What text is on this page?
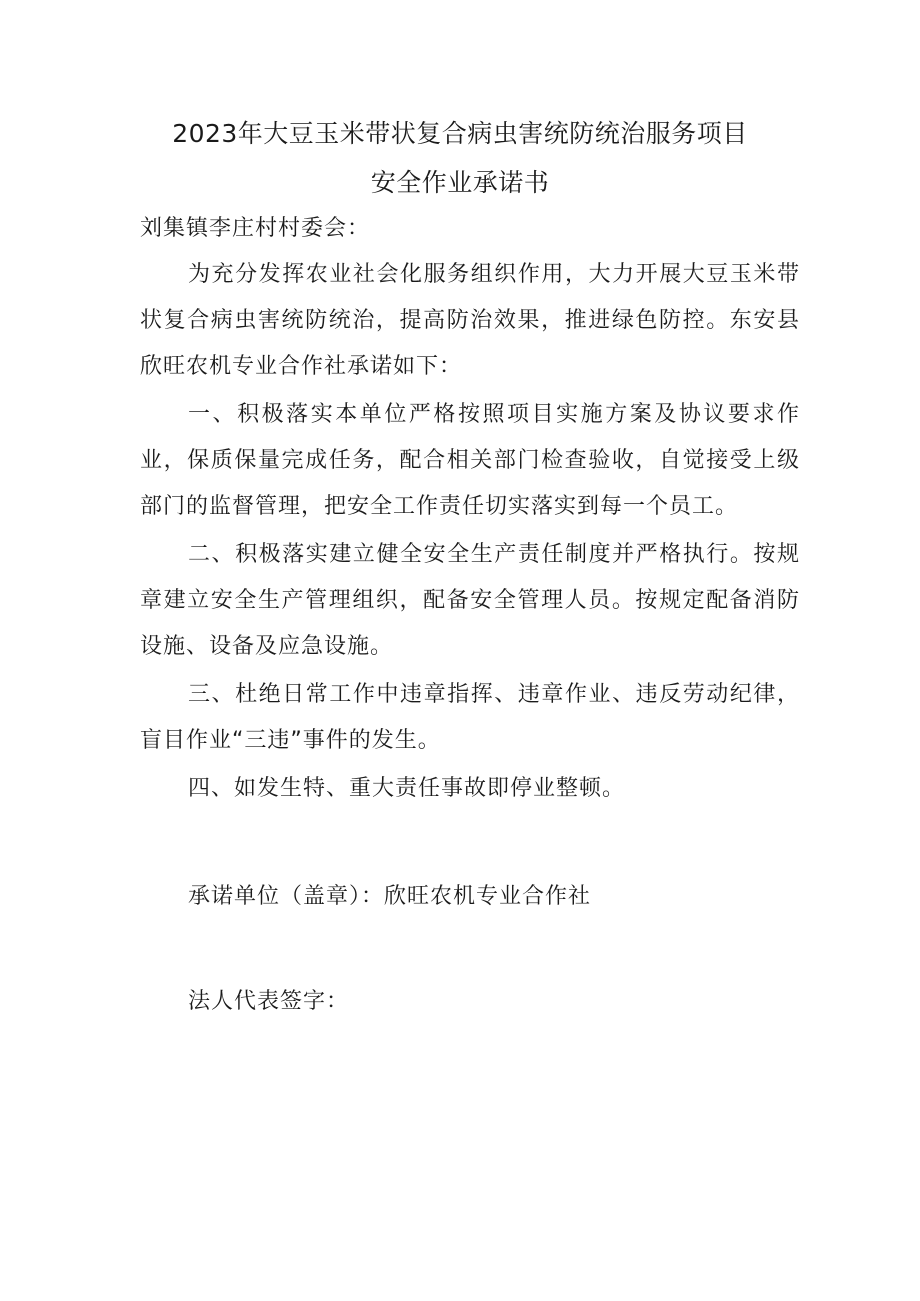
2023年大豆玉米带状复合病虫害统防统治服务项目
安全作业承诺书
刘集镇李庄村村委会：

为充分发挥农业社会化服务组织作用，大力开展大豆玉米带状复合病虫害统防统治，提高防治效果，推进绿色防控。东安县欣旺农机专业合作社承诺如下：

一、积极落实本单位严格按照项目实施方案及协议要求作业，保质保量完成任务，配合相关部门检查验收，自觉接受上级部门的监督管理，把安全工作责任切实落实到每一个员工。

二、积极落实建立健全安全生产责任制度并严格执行。按规章建立安全生产管理组织，配备安全管理人员。按规定配备消防设施、设备及应急设施。

三、杜绝日常工作中违章指挥、违章作业、违反劳动纪律，盲目作业“三违”事件的发生。

四、如发生特、重大责任事故即停业整顿。

承诺单位（盖章）：欣旺农机专业合作社
法人代表签字：
